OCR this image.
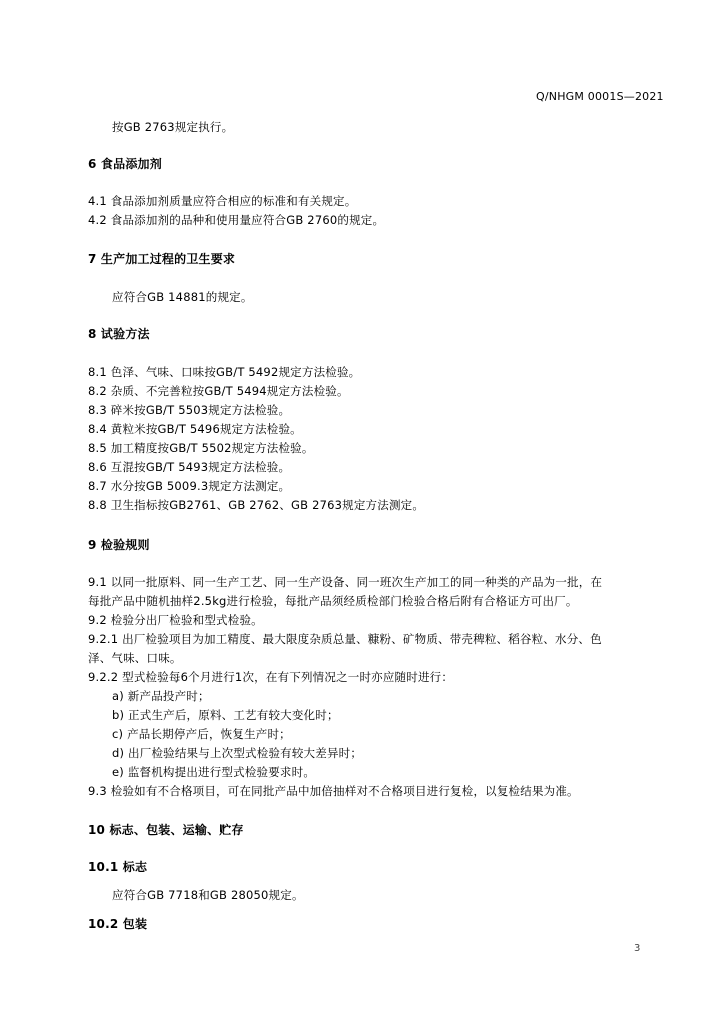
Q/NHGM 0001S—2021
按GB 2763规定执行。
6 食品添加剂
4.1 食品添加剂质量应符合相应的标准和有关规定。
4.2 食品添加剂的品种和使用量应符合GB 2760的规定。
7 生产加工过程的卫生要求
应符合GB 14881的规定。
8 试验方法
8.1 色泽、气味、口味按GB/T 5492规定方法检验。
8.2 杂质、不完善粒按GB/T 5494规定方法检验。
8.3 碎米按GB/T 5503规定方法检验。
8.4 黄粒米按GB/T 5496规定方法检验。
8.5 加工精度按GB/T 5502规定方法检验。
8.6 互混按GB/T 5493规定方法检验。
8.7 水分按GB 5009.3规定方法测定。
8.8 卫生指标按GB2761、GB 2762、GB 2763规定方法测定。
9 检验规则
9.1 以同一批原料、同一生产工艺、同一生产设备、同一班次生产加工的同一种类的产品为一批，在
每批产品中随机抽样2.5kg进行检验，每批产品须经质检部门检验合格后附有合格证方可出厂。
9.2 检验分出厂检验和型式检验。
9.2.1 出厂检验项目为加工精度、最大限度杂质总量、糠粉、矿物质、带壳稗粒、稻谷粒、水分、色
泽、气味、口味。
9.2.2 型式检验每6个月进行1次，在有下列情况之一时亦应随时进行：
a) 新产品投产时；
b) 正式生产后，原料、工艺有较大变化时；
c) 产品长期停产后，恢复生产时；
d) 出厂检验结果与上次型式检验有较大差异时；
e) 监督机构提出进行型式检验要求时。
9.3 检验如有不合格项目，可在同批产品中加倍抽样对不合格项目进行复检，以复检结果为准。
10 标志、包装、运输、贮存
10.1 标志
应符合GB 7718和GB 28050规定。
10.2 包装
3
